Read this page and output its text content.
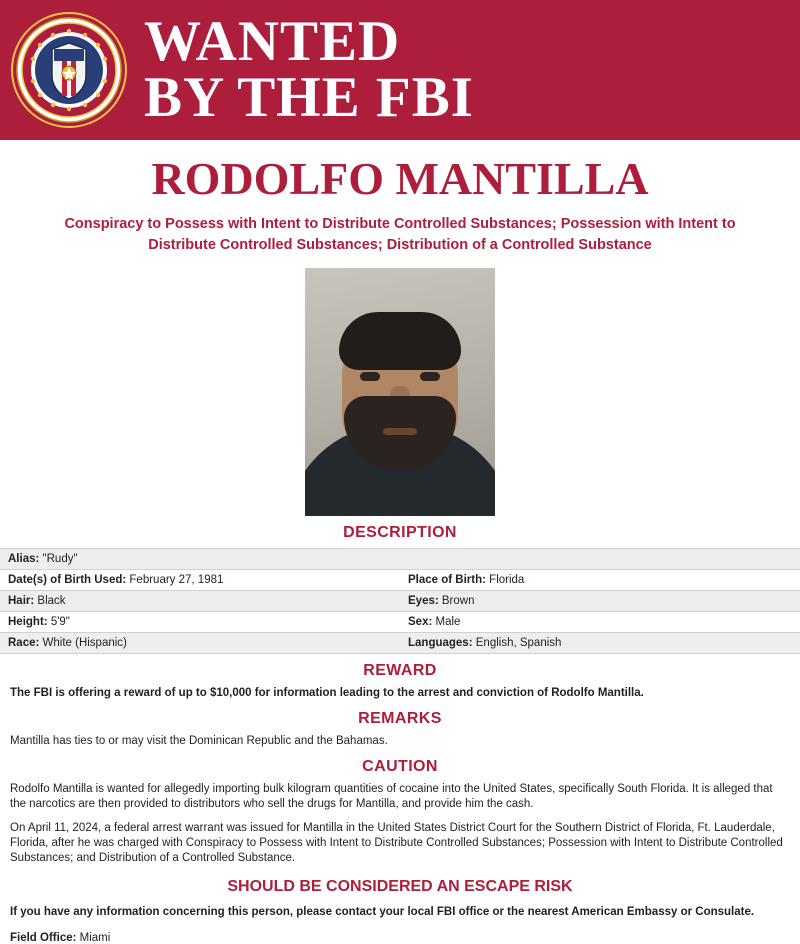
WANTED
BY THE FBI
RODOLFO MANTILLA
Conspiracy to Possess with Intent to Distribute Controlled Substances; Possession with Intent to Distribute Controlled Substances; Distribution of a Controlled Substance
DESCRIPTION
Alias: "Rudy"	
Date(s) of Birth Used: February 27, 1981	Place of Birth: Florida
Hair: Black	Eyes: Brown
Height: 5'9"	Sex: Male
Race: White (Hispanic)	Languages: English, Spanish
REWARD
The FBI is offering a reward of up to $10,000 for information leading to the arrest and conviction of Rodolfo Mantilla.
REMARKS
Mantilla has ties to or may visit the Dominican Republic and the Bahamas.
CAUTION
Rodolfo Mantilla is wanted for allegedly importing bulk kilogram quantities of cocaine into the United States, specifically South Florida. It is alleged that the narcotics are then provided to distributors who sell the drugs for Mantilla, and provide him the cash.
On April 11, 2024, a federal arrest warrant was issued for Mantilla in the United States District Court for the Southern District of Florida, Ft. Lauderdale, Florida, after he was charged with Conspiracy to Possess with Intent to Distribute Controlled Substances; Possession with Intent to Distribute Controlled Substances; and Distribution of a Controlled Substance.
SHOULD BE CONSIDERED AN ESCAPE RISK
If you have any information concerning this person, please contact your local FBI office or the nearest American Embassy or Consulate.
Field Office: Miami
